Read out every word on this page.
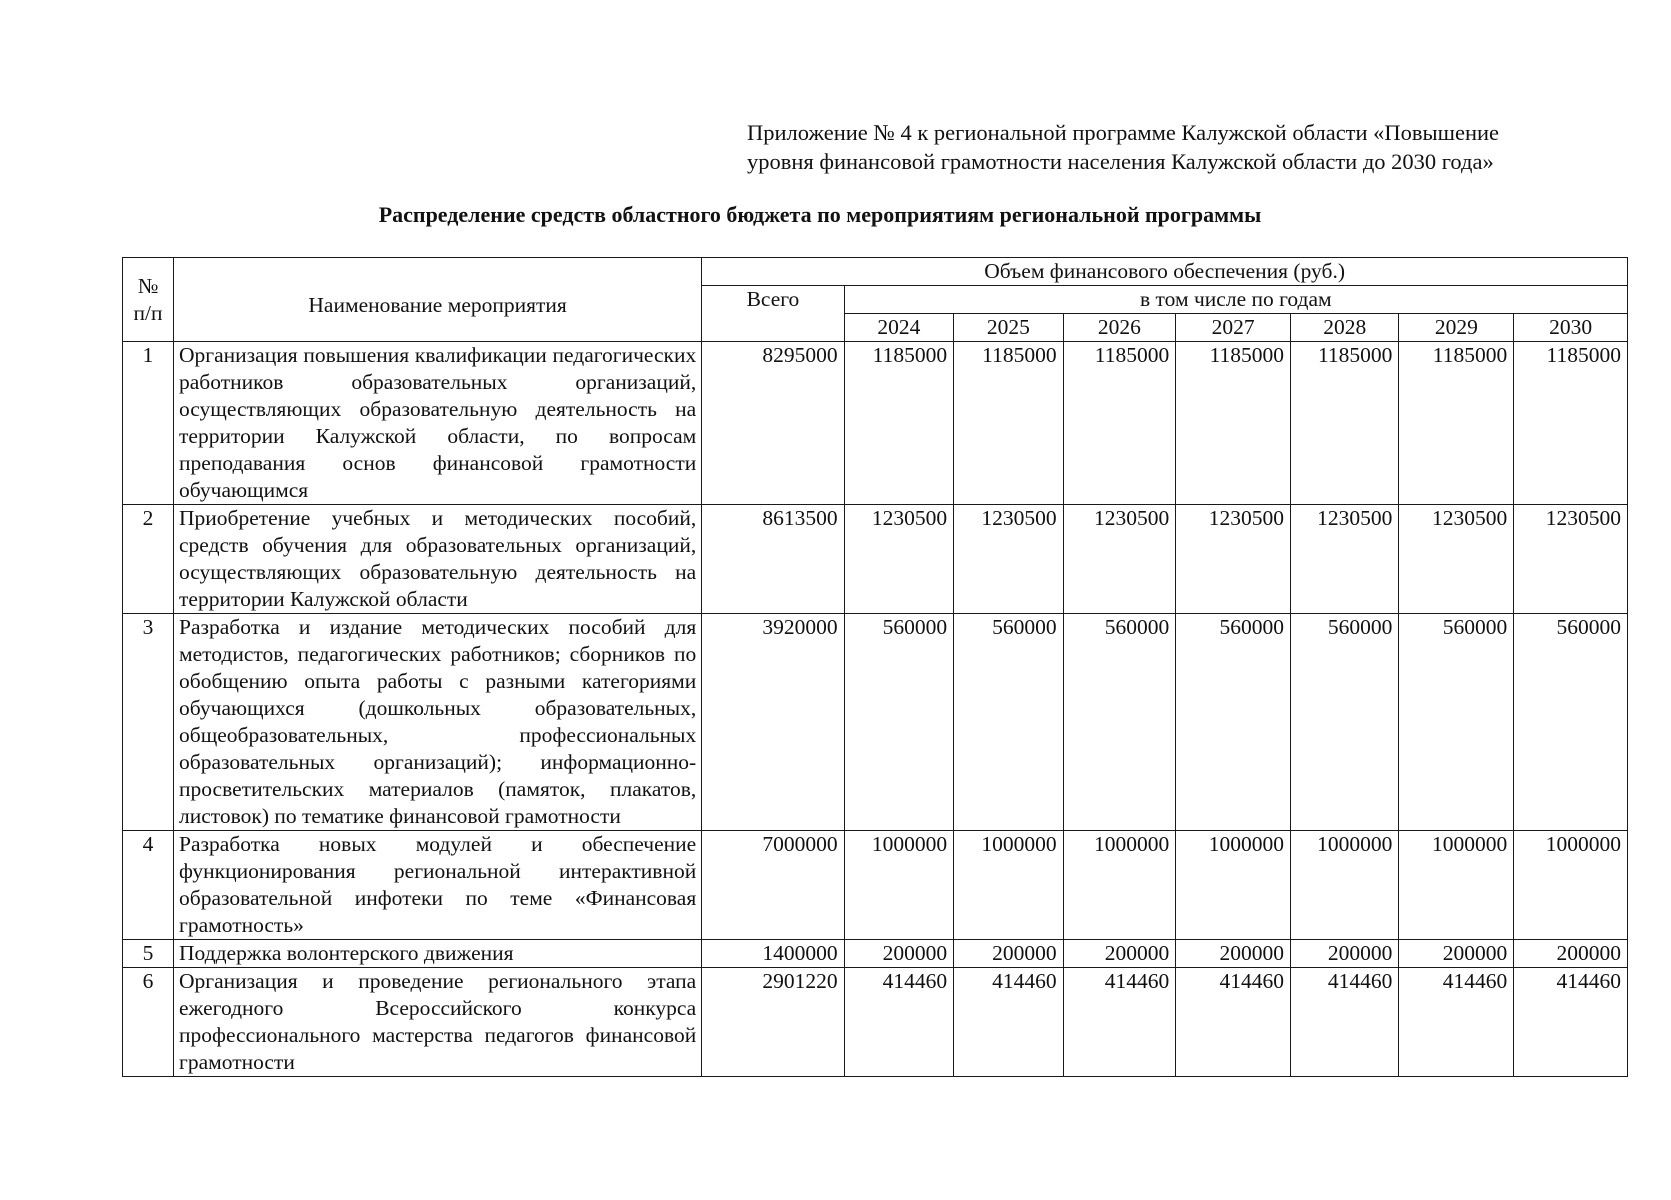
Приложение № 4 к региональной программе Калужской области «Повышение
уровня финансовой грамотности населения Калужской области до 2030 года»
Распределение средств областного бюджета по мероприятиям региональной программы
№ п/п	Наименование мероприятия	Объем финансового обеспечения (руб.)							
		Всего	в том числе по годам						
			2024	2025	2026	2027	2028	2029	2030
1	Организация повышения квалификации педагогических работников образовательных организаций, осуществляющих образовательную деятельность на территории Калужской области, по вопросам преподавания основ финансовой грамотности обучающимся	8295000	1185000	1185000	1185000	1185000	1185000	1185000	1185000
2	Приобретение учебных и методических пособий, средств обучения для образовательных организаций, осуществляющих образовательную деятельность на территории Калужской области	8613500	1230500	1230500	1230500	1230500	1230500	1230500	1230500
3	Разработка и издание методических пособий для методистов, педагогических работников; сборников по обобщению опыта работы с разными категориями обучающихся (дошкольных образовательных, общеобразовательных, профессиональных образовательных организаций); информационно-просветительских материалов (памяток, плакатов, листовок) по тематике финансовой грамотности	3920000	560000	560000	560000	560000	560000	560000	560000
4	Разработка новых модулей и обеспечение функционирования региональной интерактивной образовательной инфотеки по теме «Финансовая грамотность»	7000000	1000000	1000000	1000000	1000000	1000000	1000000	1000000
5	Поддержка волонтерского движения	1400000	200000	200000	200000	200000	200000	200000	200000
6	Организация и проведение регионального этапа ежегодного Всероссийского конкурса профессионального мастерства педагогов финансовой грамотности	2901220	414460	414460	414460	414460	414460	414460	414460
